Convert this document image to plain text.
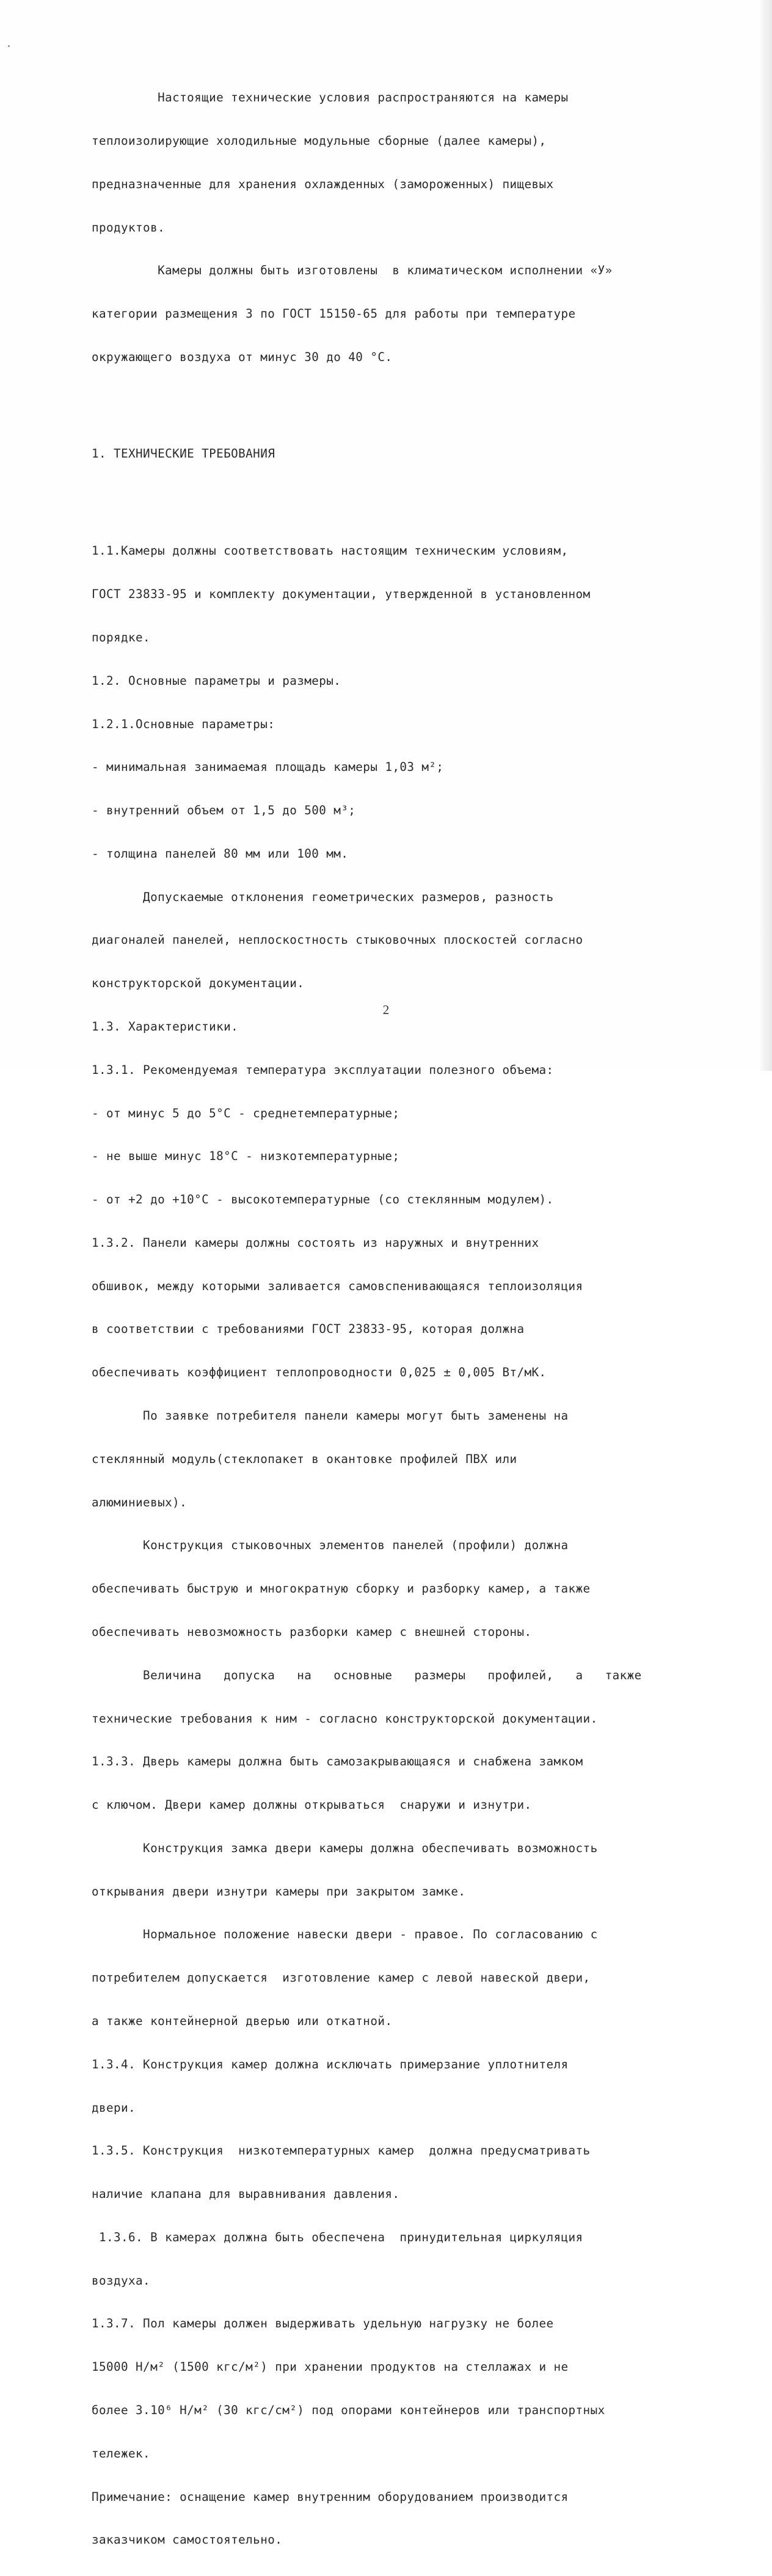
Настоящие технические условия распространяются на камеры

теплоизолирующие холодильные модульные сборные (далее камеры),

предназначенные для хранения охлажденных (замороженных) пищевых

продуктов.

Камеры должны быть изготовлены  в климатическом исполнении «У»

категории размещения 3 по ГОСТ 15150-65 для работы при температуре

окружающего воздуха от минус 30 до 40 °С.

1. ТЕХНИЧЕСКИЕ ТРЕБОВАНИЯ

1.1.Камеры должны соответствовать настоящим техническим условиям,

ГОСТ 23833-95 и комплекту документации, утвержденной в установленном

порядке.

1.2. Основные параметры и размеры.

1.2.1.Основные параметры:

- минимальная занимаемая площадь камеры 1,03 м²;

- внутренний объем от 1,5 до 500 м³;

- толщина панелей 80 мм или 100 мм.

Допускаемые отклонения геометрических размеров, разность

диагоналей панелей, неплоскостность стыковочных плоскостей согласно

конструкторской документации.

1.3. Характеристики.

1.3.1. Рекомендуемая температура эксплуатации полезного объема:

- от минус 5 до 5°С - среднетемпературные;

- не выше минус 18°С - низкотемпературные;

- от +2 до +10°С - высокотемпературные (со стеклянным модулем).

1.3.2. Панели камеры должны состоять из наружных и внутренних

обшивок, между которыми заливается самовспенивающаяся теплоизоляция

в соответствии с требованиями ГОСТ 23833-95, которая должна

обеспечивать коэффициент теплопроводности 0,025 ± 0,005 Вт/мК.

По заявке потребителя панели камеры могут быть заменены на

стеклянный модуль(стеклопакет в окантовке профилей ПВХ или

алюминиевых).

Конструкция стыковочных элементов панелей (профили) должна

обеспечивать быструю и многократную сборку и разборку камер, а также

обеспечивать невозможность разборки камер с внешней стороны.

Величина   допуска   на   основные   размеры   профилей,   а   также

технические требования к ним - согласно конструкторской документации.

1.3.3. Дверь камеры должна быть самозакрывающаяся и снабжена замком

с ключом. Двери камер должны открываться  снаружи и изнутри.

Конструкция замка двери камеры должна обеспечивать возможность

открывания двери изнутри камеры при закрытом замке.

Нормальное положение навески двери - правое. По согласованию с

потребителем допускается  изготовление камер с левой навеской двери,

а также контейнерной дверью или откатной.

1.3.4. Конструкция камер должна исключать примерзание уплотнителя

двери.

1.3.5. Конструкция  низкотемпературных камер  должна предусматривать

наличие клапана для выравнивания давления.

1.3.6. В камерах должна быть обеспечена  принудительная циркуляция

воздуха.

1.3.7. Пол камеры должен выдерживать удельную нагрузку не более

15000 Н/м² (1500 кгс/м²) при хранении продуктов на стеллажах и не

более 3.10⁶ Н/м² (30 кгс/см²) под опорами контейнеров или транспортных

тележек.

Примечание: оснащение камер внутренним оборудованием производится

заказчиком самостоятельно.

2
